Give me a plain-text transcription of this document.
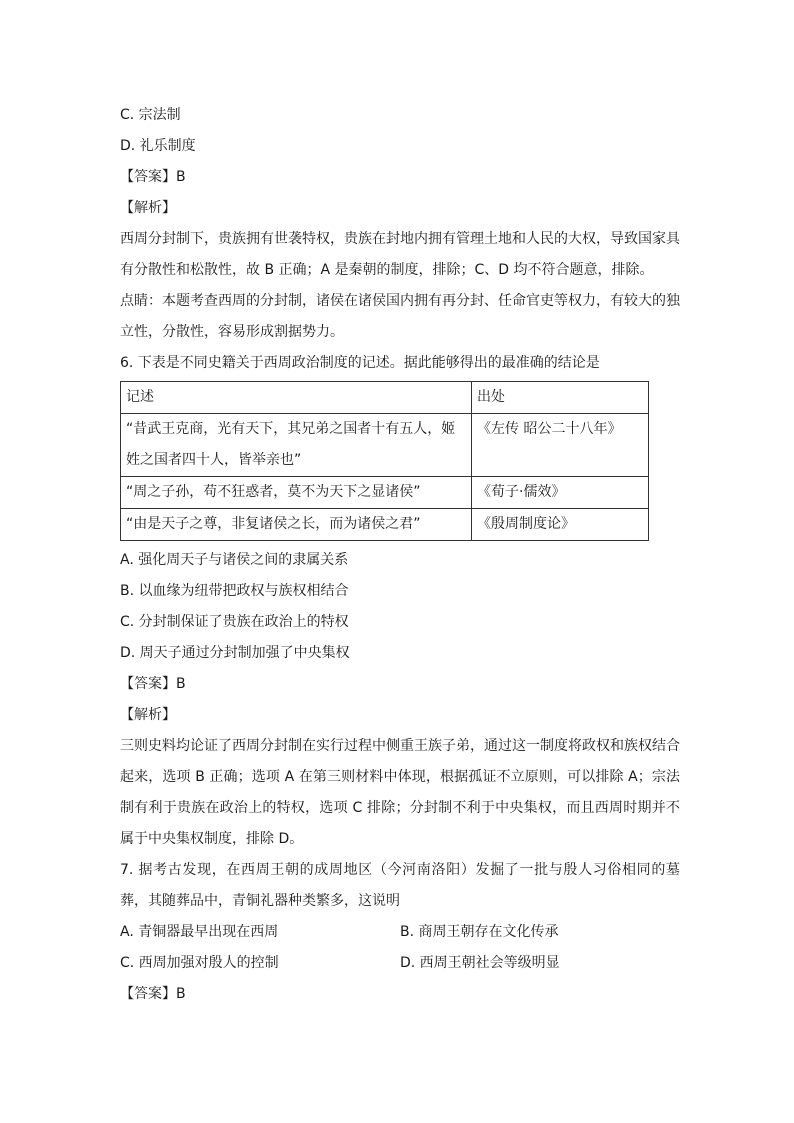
C. 宗法制
D. 礼乐制度
【答案】B
【解析】
西周分封制下，贵族拥有世袭特权，贵族在封地内拥有管理土地和人民的大权，导致国家具有分散性和松散性，故 B 正确；A 是秦朝的制度，排除；C、D 均不符合题意，排除。
点睛：本题考查西周的分封制，诸侯在诸侯国内拥有再分封、任命官吏等权力，有较大的独立性，分散性，容易形成割据势力。
6. 下表是不同史籍关于西周政治制度的记述。据此能够得出的最准确的结论是
记述	出处
“昔武王克商，光有天下，其兄弟之国者十有五人，姬姓之国者四十人，皆举亲也”	《左传 昭公二十八年》
“周之子孙，苟不狂惑者，莫不为天下之显诸侯”	《荀子·儒效》
“由是天子之尊，非复诸侯之长，而为诸侯之君”	《殷周制度论》
A. 强化周天子与诸侯之间的隶属关系
B. 以血缘为纽带把政权与族权相结合
C. 分封制保证了贵族在政治上的特权
D. 周天子通过分封制加强了中央集权
【答案】B
【解析】
三则史料均论证了西周分封制在实行过程中侧重王族子弟，通过这一制度将政权和族权结合起来，选项 B 正确；选项 A 在第三则材料中体现，根据孤证不立原则，可以排除 A；宗法制有利于贵族在政治上的特权，选项 C 排除；分封制不利于中央集权，而且西周时期并不属于中央集权制度，排除 D。
7. 据考古发现，在西周王朝的成周地区（今河南洛阳）发掘了一批与殷人习俗相同的墓葬，其随葬品中，青铜礼器种类繁多，这说明
A. 青铜器最早出现在西周	B. 商周王朝存在文化传承
C. 西周加强对殷人的控制	D. 西周王朝社会等级明显
【答案】B
